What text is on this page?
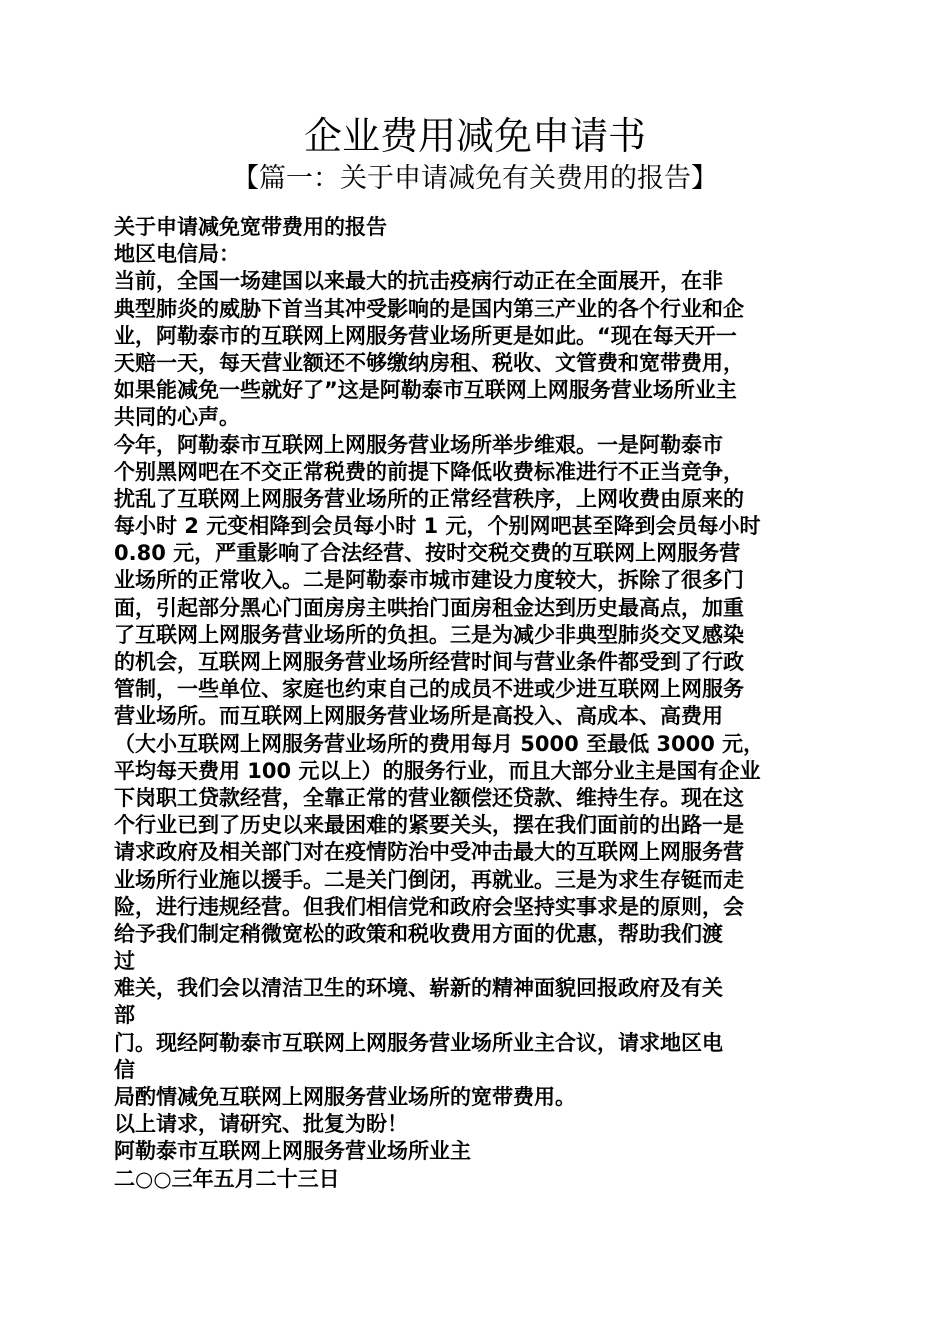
企业费用减免申请书
【篇一：关于申请减免有关费用的报告】
关于申请减免宽带费用的报告
地区电信局：
当前，全国一场建国以来最大的抗击疫病行动正在全面展开，在非
典型肺炎的威胁下首当其冲受影响的是国内第三产业的各个行业和企
业，阿勒泰市的互联网上网服务营业场所更是如此。“现在每天开一
天赔一天，每天营业额还不够缴纳房租、税收、文管费和宽带费用，
如果能减免一些就好了”这是阿勒泰市互联网上网服务营业场所业主
共同的心声。
今年，阿勒泰市互联网上网服务营业场所举步维艰。一是阿勒泰市
个别黑网吧在不交正常税费的前提下降低收费标准进行不正当竞争，
扰乱了互联网上网服务营业场所的正常经营秩序，上网收费由原来的
每小时 2 元变相降到会员每小时 1 元，个别网吧甚至降到会员每小时
0.80 元，严重影响了合法经营、按时交税交费的互联网上网服务营
业场所的正常收入。二是阿勒泰市城市建设力度较大，拆除了很多门
面，引起部分黑心门面房房主哄抬门面房租金达到历史最高点，加重
了互联网上网服务营业场所的负担。三是为减少非典型肺炎交叉感染
的机会，互联网上网服务营业场所经营时间与营业条件都受到了行政
管制，一些单位、家庭也约束自己的成员不进或少进互联网上网服务
营业场所。而互联网上网服务营业场所是高投入、高成本、高费用
（大小互联网上网服务营业场所的费用每月 5000 至最低 3000 元，
平均每天费用 100 元以上）的服务行业，而且大部分业主是国有企业
下岗职工贷款经营，全靠正常的营业额偿还贷款、维持生存。现在这
个行业已到了历史以来最困难的紧要关头，摆在我们面前的出路一是
请求政府及相关部门对在疫情防治中受冲击最大的互联网上网服务营
业场所行业施以援手。二是关门倒闭，再就业。三是为求生存铤而走
险，进行违规经营。但我们相信党和政府会坚持实事求是的原则，会
给予我们制定稍微宽松的政策和税收费用方面的优惠，帮助我们渡
过
难关，我们会以清洁卫生的环境、崭新的精神面貌回报政府及有关
部
门。现经阿勒泰市互联网上网服务营业场所业主合议，请求地区电
信
局酌情减免互联网上网服务营业场所的宽带费用。
以上请求，请研究、批复为盼！
阿勒泰市互联网上网服务营业场所业主
二○○三年五月二十三日
